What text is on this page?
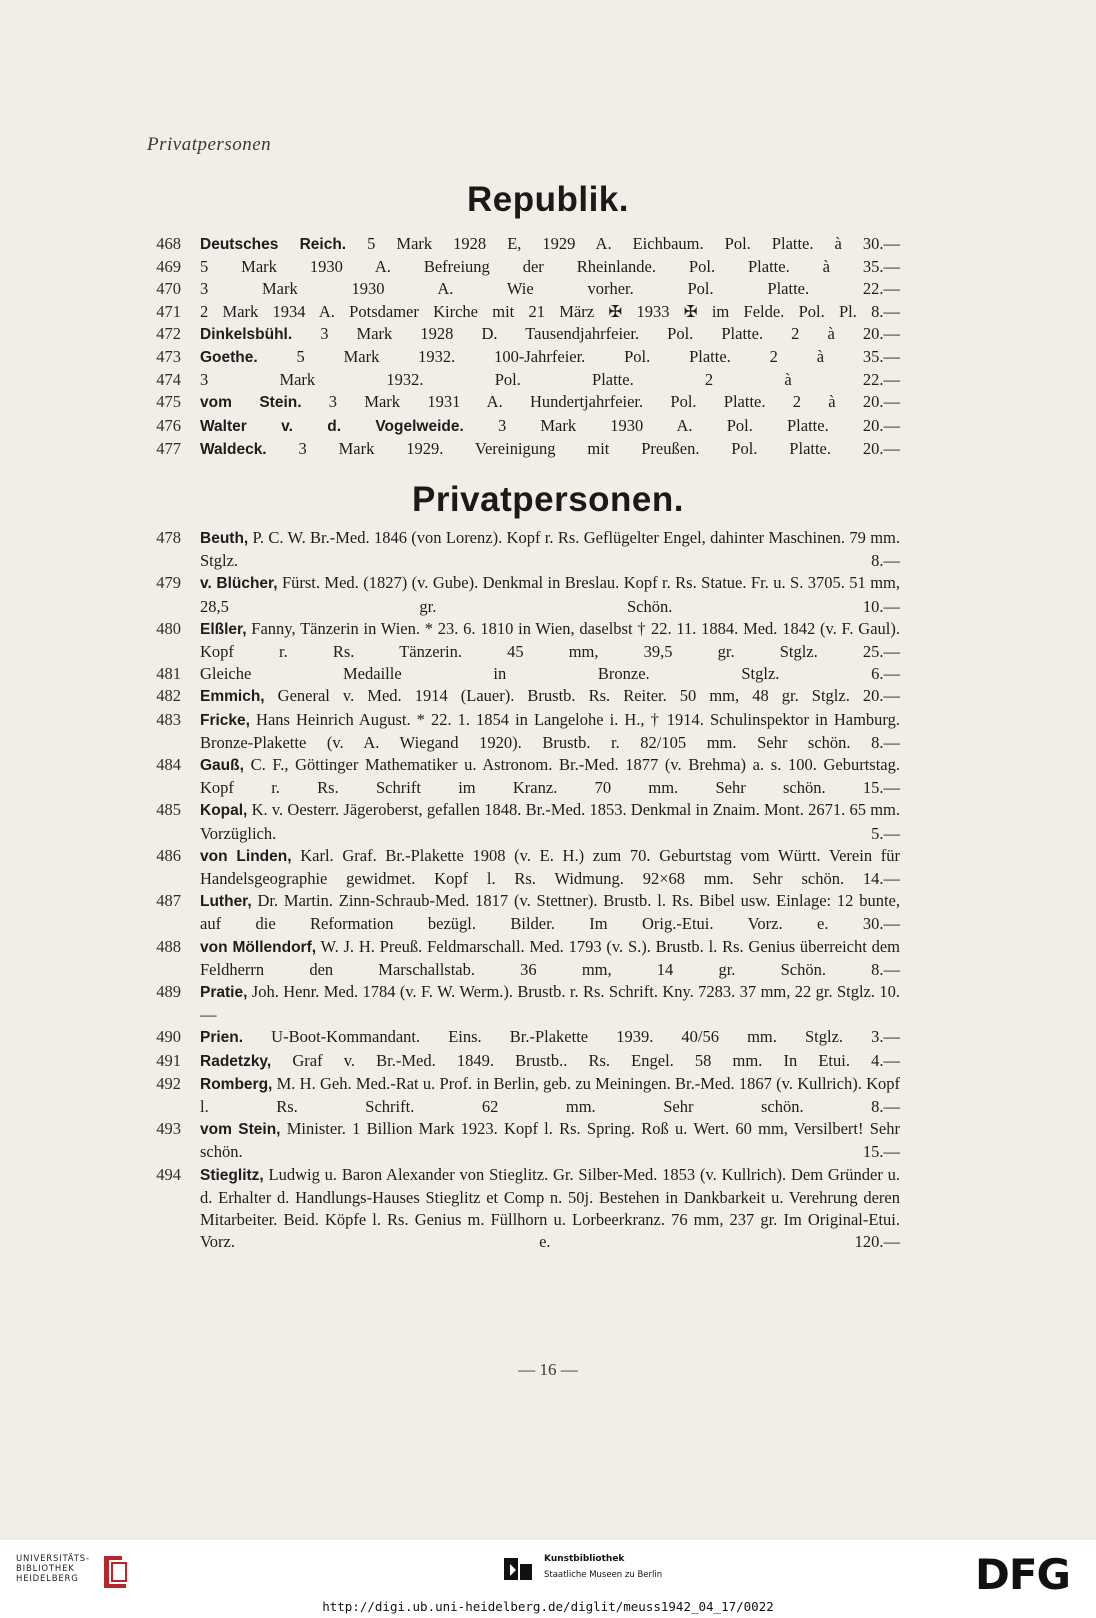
Privatpersonen
Republik.
468 Deutsches Reich. 5 Mark 1928 E, 1929 A. Eichbaum. Pol. Platte. à 30.—
469 5 Mark 1930 A. Befreiung der Rheinlande. Pol. Platte. à 35.—
470 3 Mark 1930 A. Wie vorher. Pol. Platte. 22.—
471 2 Mark 1934 A. Potsdamer Kirche mit 21 März ✠ 1933 ✠ im Felde. Pol. Pl. 8.—
472 Dinkelsbühl. 3 Mark 1928 D. Tausendjahrfeier. Pol. Platte. 2 à 20.—
473 Goethe. 5 Mark 1932. 100-Jahrfeier. Pol. Platte. 2 à 35.—
474 3 Mark 1932. Pol. Platte. 2 à 22.—
475 vom Stein. 3 Mark 1931 A. Hundertjahrfeier. Pol. Platte. 2 à 20.—
476 Walter v. d. Vogelweide. 3 Mark 1930 A. Pol. Platte. 20.—
477 Waldeck. 3 Mark 1929. Vereinigung mit Preußen. Pol. Platte. 20.—
Privatpersonen.
478 Beuth, P. C. W. Br.-Med. 1846 (von Lorenz). Kopf r. Rs. Geflügelter Engel, dahinter Maschinen. 79 mm. Stglz. 8.—
479 v. Blücher, Fürst. Med. (1827) (v. Gube). Denkmal in Breslau. Kopf r. Rs. Statue. Fr. u. S. 3705. 51 mm, 28,5 gr. Schön. 10.—
480 Elßler, Fanny, Tänzerin in Wien. * 23. 6. 1810 in Wien, daselbst † 22. 11. 1884. Med. 1842 (v. F. Gaul). Kopf r. Rs. Tänzerin. 45 mm, 39,5 gr. Stglz. 25.—
481 Gleiche Medaille in Bronze. Stglz. 6.—
482 Emmich, General v. Med. 1914 (Lauer). Brustb. Rs. Reiter. 50 mm, 48 gr. Stglz. 20.—
483 Fricke, Hans Heinrich August. * 22. 1. 1854 in Langelohe i. H., † 1914. Schulinspektor in Hamburg. Bronze-Plakette (v. A. Wiegand 1920). Brustb. r. 82/105 mm. Sehr schön. 8.—
484 Gauß, C. F., Göttinger Mathematiker u. Astronom. Br.-Med. 1877 (v. Brehma) a. s. 100. Geburtstag. Kopf r. Rs. Schrift im Kranz. 70 mm. Sehr schön. 15.—
485 Kopal, K. v. Oesterr. Jägeroberst, gefallen 1848. Br.-Med. 1853. Denkmal in Znaim. Mont. 2671. 65 mm. Vorzüglich. 5.—
486 von Linden, Karl. Graf. Br.-Plakette 1908 (v. E. H.) zum 70. Geburtstag vom Württ. Verein für Handelsgeographie gewidmet. Kopf l. Rs. Widmung. 92×68 mm. Sehr schön. 14.—
487 Luther, Dr. Martin. Zinn-Schraub-Med. 1817 (v. Stettner). Brustb. l. Rs. Bibel usw. Einlage: 12 bunte, auf die Reformation bezügl. Bilder. Im Orig.-Etui. Vorz. e. 30.—
488 von Möllendorf, W. J. H. Preuß. Feldmarschall. Med. 1793 (v. S.). Brustb. l. Rs. Genius überreicht dem Feldherrn den Marschallstab. 36 mm, 14 gr. Schön. 8.—
489 Pratie, Joh. Henr. Med. 1784 (v. F. W. Werm.). Brustb. r. Rs. Schrift. Kny. 7283. 37 mm, 22 gr. Stglz. 10.—
490 Prien. U-Boot-Kommandant. Eins. Br.-Plakette 1939. 40/56 mm. Stglz. 3.—
491 Radetzky, Graf v. Br.-Med. 1849. Brustb.. Rs. Engel. 58 mm. In Etui. 4.—
492 Romberg, M. H. Geh. Med.-Rat u. Prof. in Berlin, geb. zu Meiningen. Br.-Med. 1867 (v. Kullrich). Kopf l. Rs. Schrift. 62 mm. Sehr schön. 8.—
493 vom Stein, Minister. 1 Billion Mark 1923. Kopf l. Rs. Spring. Roß u. Wert. 60 mm, Versilbert! Sehr schön. 15.—
494 Stieglitz, Ludwig u. Baron Alexander von Stieglitz. Gr. Silber-Med. 1853 (v. Kullrich). Dem Gründer u. d. Erhalter d. Handlungs-Hauses Stieglitz et Comp n. 50j. Bestehen in Dankbarkeit u. Verehrung deren Mitarbeiter. Beid. Köpfe l. Rs. Genius m. Füllhorn u. Lorbeerkranz. 76 mm, 237 gr. Im Original-Etui. Vorz. e. 120.—
— 16 —
UNIVERSITÄTS-
BIBLIOTHEK
HEIDELBERG
Kunstbibliothek
Staatliche Museen zu Berlin	DFG
http://digi.ub.uni-heidelberg.de/diglit/meuss1942_04_17/0022
